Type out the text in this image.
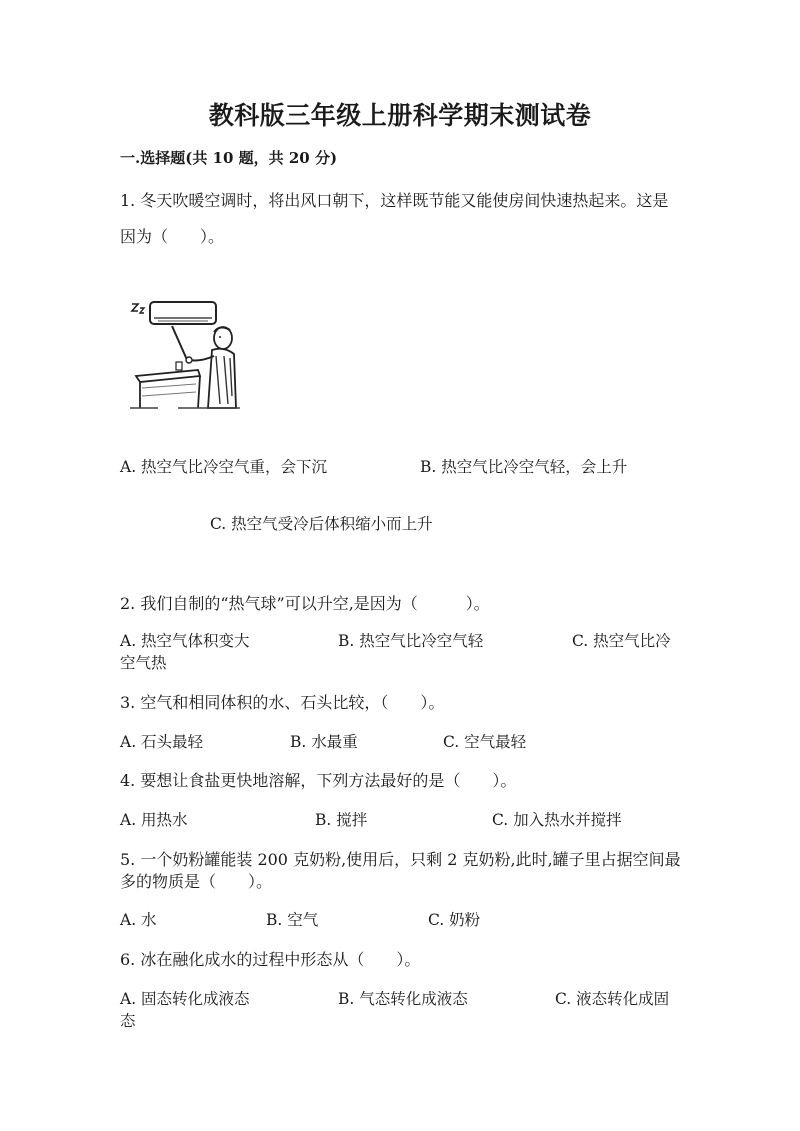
教科版三年级上册科学期末测试卷
一.选择题(共 10 题，共 20 分)
1. 冬天吹暖空调时，将出风口朝下，这样既节能又能使房间快速热起来。这是
因为（　　）。
A. 热空气比冷空气重，会下沉	B. 热空气比冷空气轻，会上升
C. 热空气受冷后体积缩小而上升
2. 我们自制的“热气球”可以升空,是因为（　　　）。
A. 热空气体积变大	B. 热空气比冷空气轻	C. 热空气比冷
空气热
3. 空气和相同体积的水、石头比较，（　　）。
A. 石头最轻	B. 水最重	C. 空气最轻
4. 要想让食盐更快地溶解，下列方法最好的是（　　）。
A. 用热水	B. 搅拌	C. 加入热水并搅拌
5. 一个奶粉罐能装 200 克奶粉,使用后，只剩 2 克奶粉,此时,罐子里占据空间最
多的物质是（　　）。
A. 水	B. 空气	C. 奶粉
6. 冰在融化成水的过程中形态从（　　）。
A. 固态转化成液态	B. 气态转化成液态	C. 液态转化成固
态
